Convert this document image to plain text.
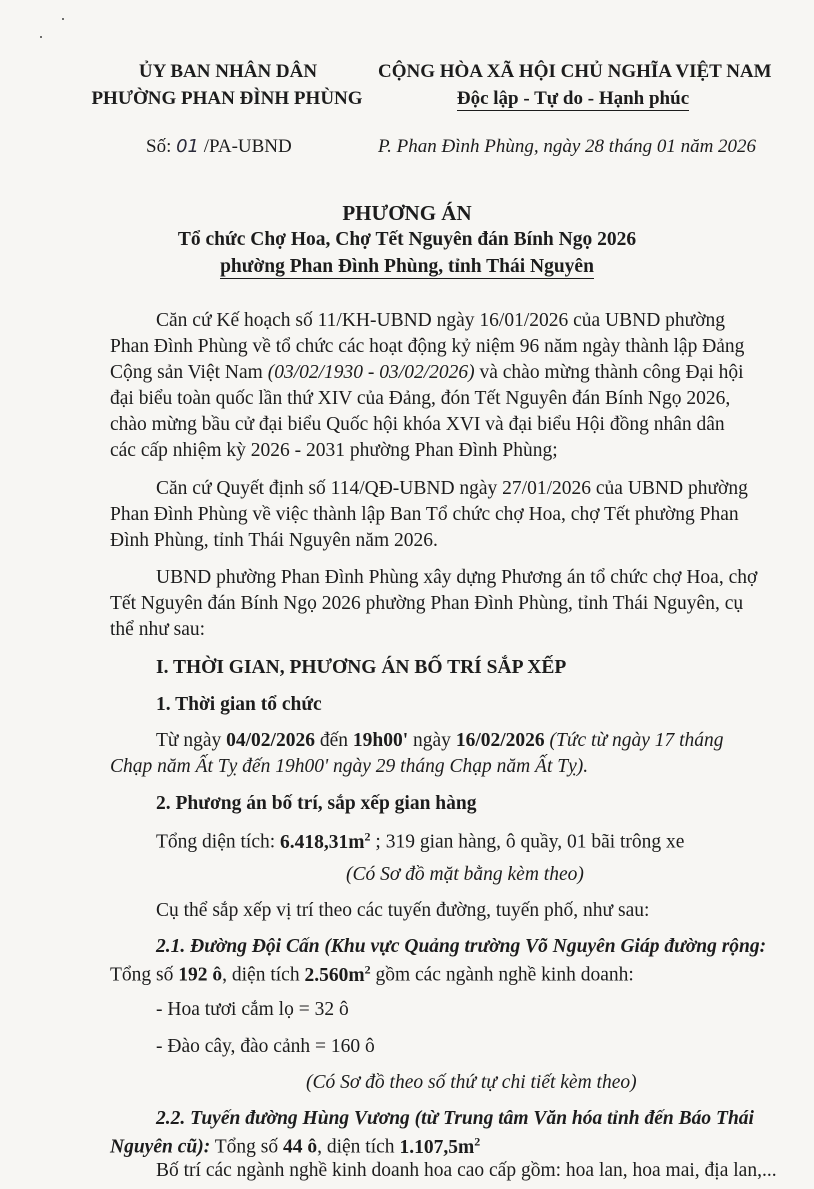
ỦY BAN NHÂN DÂN
PHƯỜNG PHAN ĐÌNH PHÙNG
CỘNG HÒA XÃ HỘI CHỦ NGHĨA VIỆT NAM
Độc lập - Tự do - Hạnh phúc
Số: 01 /PA-UBND	P. Phan Đình Phùng, ngày 28 tháng 01 năm 2026
PHƯƠNG ÁN
Tổ chức Chợ Hoa, Chợ Tết Nguyên đán Bính Ngọ 2026
phường Phan Đình Phùng, tỉnh Thái Nguyên
Căn cứ Kế hoạch số 11/KH-UBND ngày 16/01/2026 của UBND phường
Phan Đình Phùng về tổ chức các hoạt động kỷ niệm 96 năm ngày thành lập Đảng
Cộng sản Việt Nam (03/02/1930 - 03/02/2026) và chào mừng thành công Đại hội
đại biểu toàn quốc lần thứ XIV của Đảng, đón Tết Nguyên đán Bính Ngọ 2026,
chào mừng bầu cử đại biểu Quốc hội khóa XVI và đại biểu Hội đồng nhân dân
các cấp nhiệm kỳ 2026 - 2031 phường Phan Đình Phùng;
Căn cứ Quyết định số 114/QĐ-UBND ngày 27/01/2026 của UBND phường
Phan Đình Phùng về việc thành lập Ban Tổ chức chợ Hoa, chợ Tết phường Phan
Đình Phùng, tỉnh Thái Nguyên năm 2026.
UBND phường Phan Đình Phùng xây dựng Phương án tổ chức chợ Hoa, chợ
Tết Nguyên đán Bính Ngọ 2026 phường Phan Đình Phùng, tỉnh Thái Nguyên, cụ
thể như sau:
I. THỜI GIAN, PHƯƠNG ÁN BỐ TRÍ SẮP XẾP
1. Thời gian tổ chức
Từ ngày 04/02/2026 đến 19h00' ngày 16/02/2026 (Tức từ ngày 17 tháng
Chạp năm Ất Tỵ đến 19h00' ngày 29 tháng Chạp năm Ất Tỵ).
2. Phương án bố trí, sắp xếp gian hàng
Tổng diện tích: $6.418,31m^2$ ; 319 gian hàng, ô quầy, 01 bãi trông xe
(Có Sơ đồ mặt bằng kèm theo)
Cụ thể sắp xếp vị trí theo các tuyến đường, tuyến phố, như sau:
2.1. Đường Đội Cấn (Khu vực Quảng trường Võ Nguyên Giáp đường rộng:
Tổng số 192 ô, diện tích $2.560m^2$ gồm các ngành nghề kinh doanh:
- Hoa tươi cắm lọ = 32 ô
- Đào cây, đào cảnh = 160 ô
(Có Sơ đồ theo số thứ tự chi tiết kèm theo)
2.2. Tuyến đường Hùng Vương (từ Trung tâm Văn hóa tỉnh đến Báo Thái
Nguyên cũ): Tổng số 44 ô, diện tích $1.107,5m^2$
Bố trí các ngành nghề kinh doanh hoa cao cấp gồm: hoa lan, hoa mai, địa lan,...
